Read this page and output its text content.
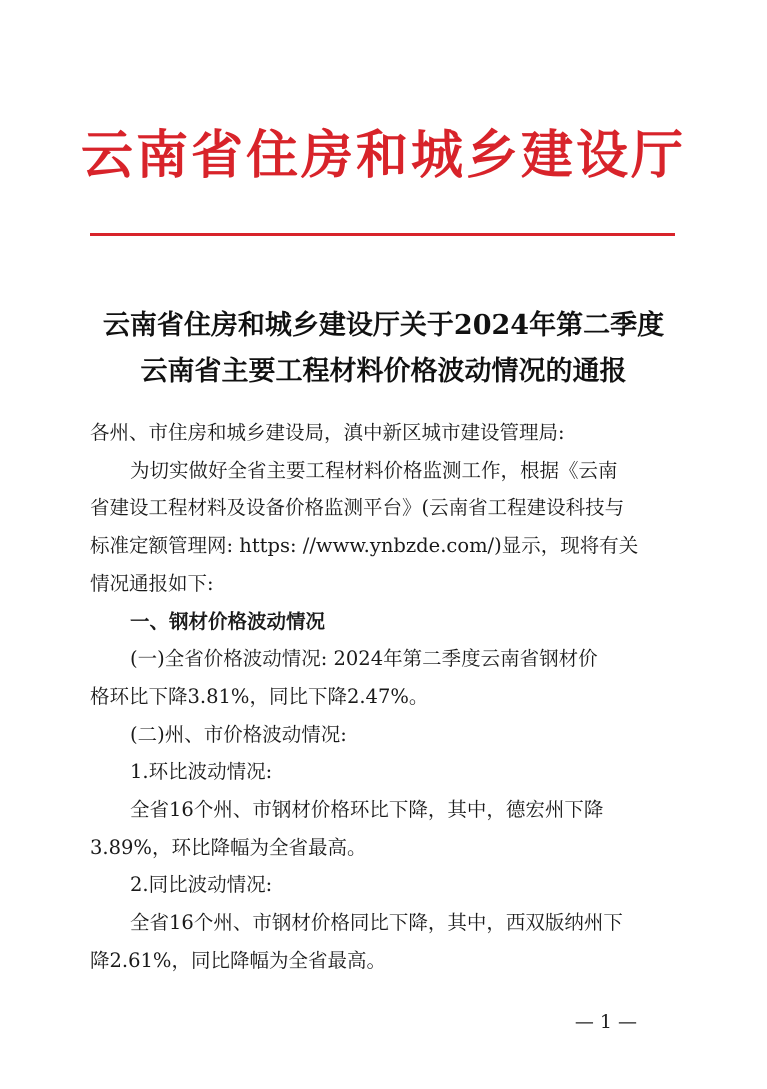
云南省住房和城乡建设厅
云南省住房和城乡建设厅关于2024年第二季度
云南省主要工程材料价格波动情况的通报

各州、市住房和城乡建设局，滇中新区城市建设管理局:

为切实做好全省主要工程材料价格监测工作，根据《云南

省建设工程材料及设备价格监测平台》(云南省工程建设科技与

标准定额管理网: https: //www.ynbzde.com/)显示，现将有关

情况通报如下:

一、钢材价格波动情况

(一)全省价格波动情况: 2024年第二季度云南省钢材价

格环比下降3.81%，同比下降2.47%。

(二)州、市价格波动情况:

1.环比波动情况:

全省16个州、市钢材价格环比下降，其中，德宏州下降

3.89%，环比降幅为全省最高。

2.同比波动情况:

全省16个州、市钢材价格同比下降，其中，西双版纳州下

降2.61%，同比降幅为全省最高。

— 1 —
